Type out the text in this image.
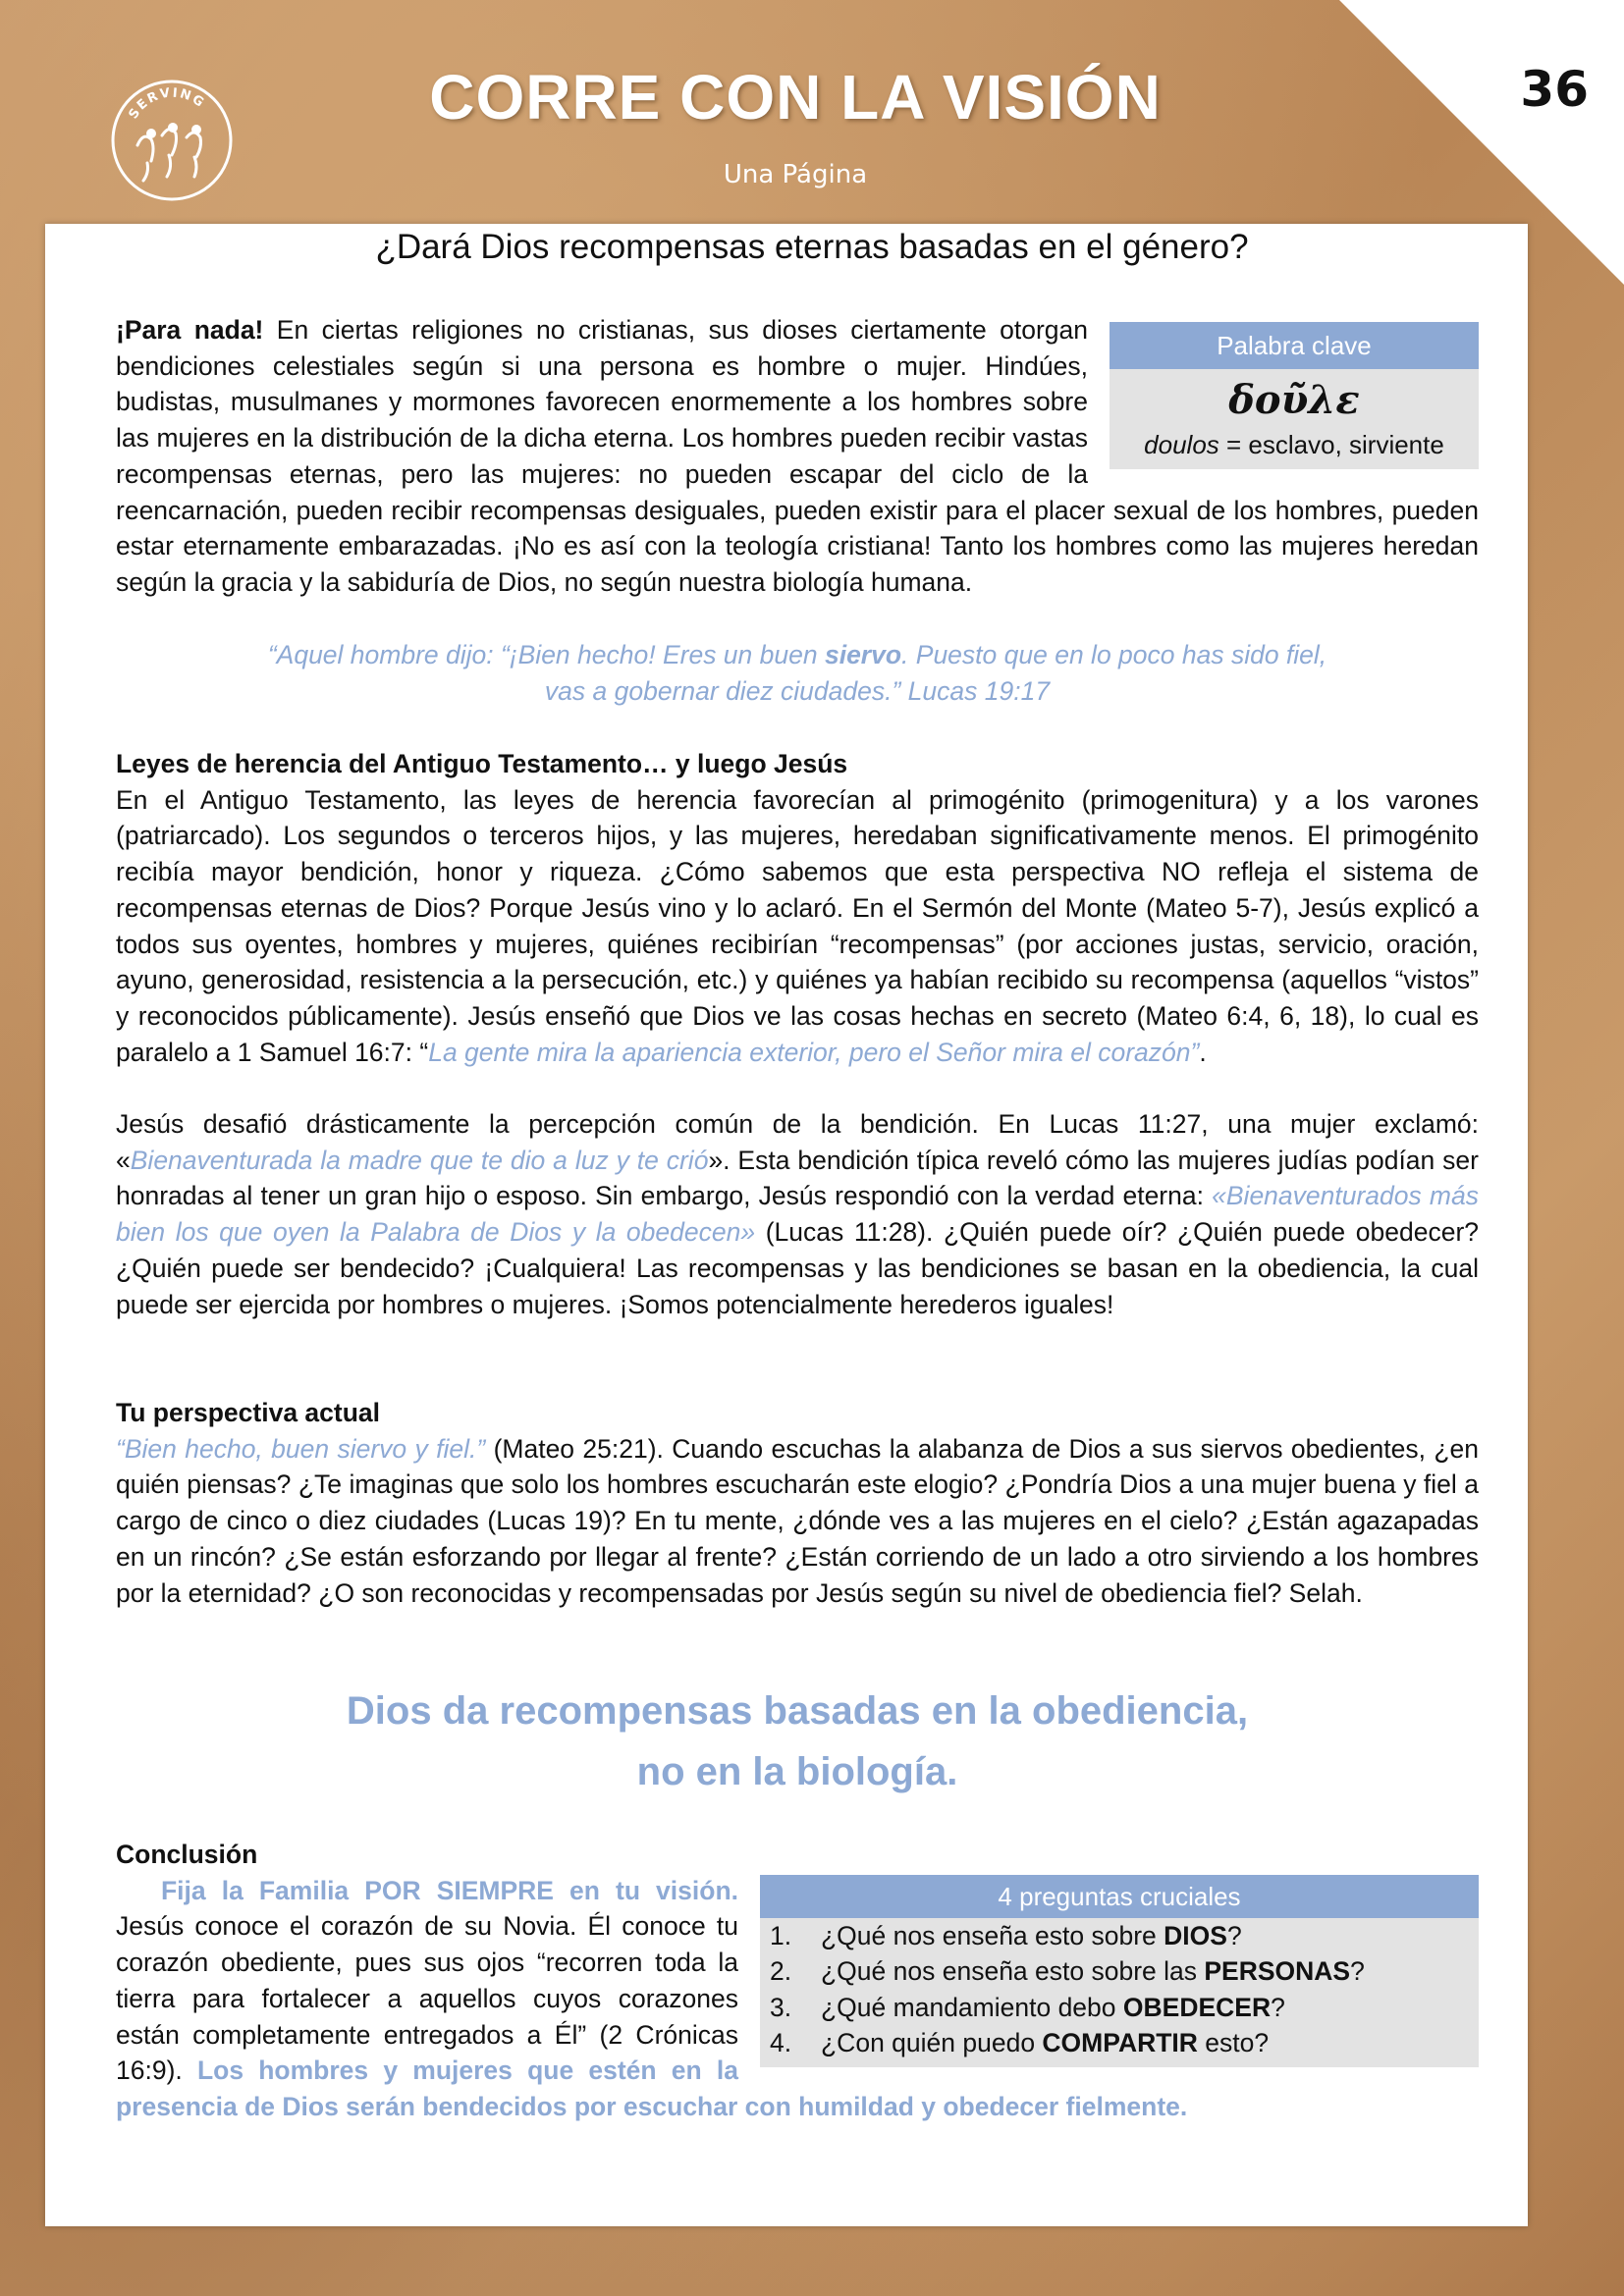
36
SERVING	CORRE CON LA VISIÓN
Una Página
¿Dará Dios recompensas eternas basadas en el género?
Palabra clave
δοῦλε
doulos = esclavo, sirviente

¡Para nada! En ciertas religiones no cristianas, sus dioses ciertamente otorgan bendiciones celestiales según si una persona es hombre o mujer. Hindúes, budistas, musulmanes y mormones favorecen enormemente a los hombres sobre las mujeres en la distribución de la dicha eterna. Los hombres pueden recibir vastas recompensas eternas, pero las mujeres: no pueden escapar del ciclo de la reencarnación, pueden recibir recompensas desiguales, pueden existir para el placer sexual de los hombres, pueden estar eternamente embarazadas. ¡No es así con la teología cristiana! Tanto los hombres como las mujeres heredan según la gracia y la sabiduría de Dios, no según nuestra biología humana.

“Aquel hombre dijo: “¡Bien hecho! Eres un buen siervo. Puesto que en lo poco has sido fiel,
vas a gobernar diez ciudades.” Lucas 19:17

Leyes de herencia del Antiguo Testamento… y luego Jesús

En el Antiguo Testamento, las leyes de herencia favorecían al primogénito (primogenitura) y a los varones (patriarcado). Los segundos o terceros hijos, y las mujeres, heredaban significativamente menos. El primogénito recibía mayor bendición, honor y riqueza. ¿Cómo sabemos que esta perspectiva NO refleja el sistema de recompensas eternas de Dios? Porque Jesús vino y lo aclaró. En el Sermón del Monte (Mateo 5-7), Jesús explicó a todos sus oyentes, hombres y mujeres, quiénes recibirían “recompensas” (por acciones justas, servicio, oración, ayuno, generosidad, resistencia a la persecución, etc.) y quiénes ya habían recibido su recompensa (aquellos “vistos” y reconocidos públicamente). Jesús enseñó que Dios ve las cosas hechas en secreto (Mateo 6:4, 6, 18), lo cual es paralelo a 1 Samuel 16:7: “La gente mira la apariencia exterior, pero el Señor mira el corazón”.

Jesús desafió drásticamente la percepción común de la bendición. En Lucas 11:27, una mujer exclamó: «Bienaventurada la madre que te dio a luz y te crió». Esta bendición típica reveló cómo las mujeres judías podían ser honradas al tener un gran hijo o esposo. Sin embargo, Jesús respondió con la verdad eterna: «Bienaventurados más bien los que oyen la Palabra de Dios y la obedecen» (Lucas 11:28). ¿Quién puede oír? ¿Quién puede obedecer? ¿Quién puede ser bendecido? ¡Cualquiera! Las recompensas y las bendiciones se basan en la obediencia, la cual puede ser ejercida por hombres o mujeres. ¡Somos potencialmente herederos iguales!

Tu perspectiva actual

“Bien hecho, buen siervo y fiel.” (Mateo 25:21). Cuando escuchas la alabanza de Dios a sus siervos obedientes, ¿en quién piensas? ¿Te imaginas que solo los hombres escucharán este elogio? ¿Pondría Dios a una mujer buena y fiel a cargo de cinco o diez ciudades (Lucas 19)? En tu mente, ¿dónde ves a las mujeres en el cielo? ¿Están agazapadas en un rincón? ¿Se están esforzando por llegar al frente? ¿Están corriendo de un lado a otro sirviendo a los hombres por la eternidad? ¿O son reconocidas y recompensadas por Jesús según su nivel de obediencia fiel? Selah.

Dios da recompensas basadas en la obediencia,
no en la biología.

Conclusión

4 preguntas cruciales
1. ¿Qué nos enseña esto sobre DIOS?
2. ¿Qué nos enseña esto sobre las PERSONAS?
3. ¿Qué mandamiento debo OBEDECER?
4. ¿Con quién puedo COMPARTIR esto?

Fija la Familia POR SIEMPRE en tu visión. Jesús conoce el corazón de su Novia. Él conoce tu corazón obediente, pues sus ojos “recorren toda la tierra para fortalecer a aquellos cuyos corazones están completamente entregados a Él” (2 Crónicas 16:9). Los hombres y mujeres que estén en la presencia de Dios serán bendecidos por escuchar con humildad y obedecer fielmente.
